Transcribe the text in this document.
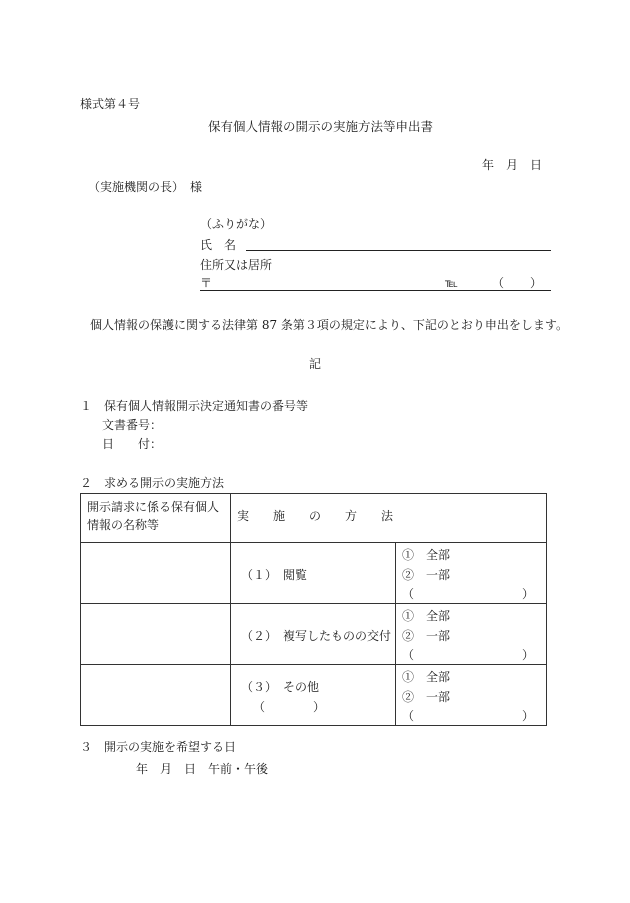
様式第４号
保有個人情報の開示の実施方法等申出書
年　月　日
（実施機関の長）　様
（ふりがな）
氏　名
住所又は居所
〒	℡	（ ）
個人情報の保護に関する法律第 87 条第３項の規定により、下記のとおり申出をします。
記
１　保有個人情報開示決定通知書の番号等
文書番号：
日　　付：
２　求める開示の実施方法
開示請求に係る保有個人情報の名称等	実　施　の　方　法	

	（１）　閲覧	①　全部
②　一部
（ ）

	（２）　複写したものの交付	①　全部
②　一部
（ ）

	（３）　その他
（　　　　）	①　全部
②　一部
（ ）
３　開示の実施を希望する日
年　月　日　午前・午後
